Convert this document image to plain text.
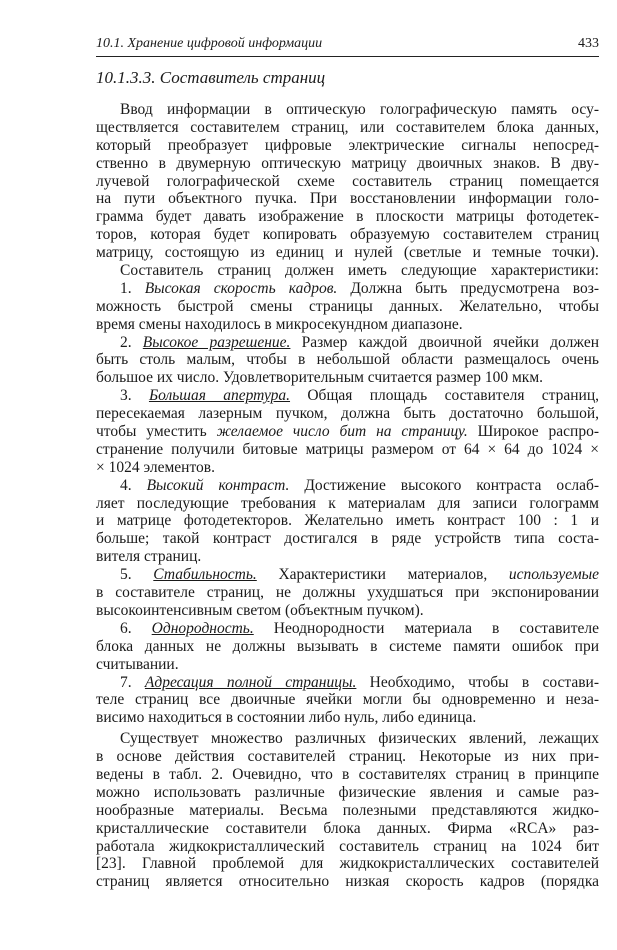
10.1. Хранение цифровой информации	433
10.1.3.3. Составитель страниц
Ввод информации в оптическую голографическую память осу-
ществляется составителем страниц, или составителем блока данных,
который преобразует цифровые электрические сигналы непосред-
ственно в двумерную оптическую матрицу двоичных знаков. В дву-
лучевой голографической схеме составитель страниц помещается
на пути объектного пучка. При восстановлении информации голо-
грамма будет давать изображение в плоскости матрицы фотодетек-
торов, которая будет копировать образуемую составителем страниц
матрицу, состоящую из единиц и нулей (светлые и темные точки).
Составитель страниц должен иметь следующие характеристики:
1. Высокая скорость кадров. Должна быть предусмотрена воз-
можность быстрой смены страницы данных. Желательно, чтобы
время смены находилось в микросекундном диапазоне.
2. Высокое разрешение. Размер каждой двоичной ячейки должен
быть столь малым, чтобы в небольшой области размещалось очень
большое их число. Удовлетворительным считается размер 100 мкм.
3. Большая апертура. Общая площадь составителя страниц,
пересекаемая лазерным пучком, должна быть достаточно большой,
чтобы уместить желаемое число бит на страницу. Широкое распро-
странение получили битовые матрицы размером от 64 × 64 до 1024 ×
× 1024 элементов.
4. Высокий контраст. Достижение высокого контраста ослаб-
ляет последующие требования к материалам для записи голограмм
и матрице фотодетекторов. Желательно иметь контраст 100 : 1 и
больше; такой контраст достигался в ряде устройств типа соста-
вителя страниц.
5. Стабильность. Характеристики материалов, используемые
в составителе страниц, не должны ухудшаться при экспонировании
высокоинтенсивным светом (объектным пучком).
6. Однородность. Неоднородности материала в составителе
блока данных не должны вызывать в системе памяти ошибок при
считывании.
7. Адресация полной страницы. Необходимо, чтобы в состави-
теле страниц все двоичные ячейки могли бы одновременно и неза-
висимо находиться в состоянии либо нуль, либо единица.
Существует множество различных физических явлений, лежащих
в основе действия составителей страниц. Некоторые из них при-
ведены в табл. 2. Очевидно, что в составителях страниц в принципе
можно использовать различные физические явления и самые раз-
нообразные материалы. Весьма полезными представляются жидко-
кристаллические составители блока данных. Фирма «RCA» раз-
работала жидкокристаллический составитель страниц на 1024 бит
[23]. Главной проблемой для жидкокристаллических составителей
страниц является относительно низкая скорость кадров (порядка
